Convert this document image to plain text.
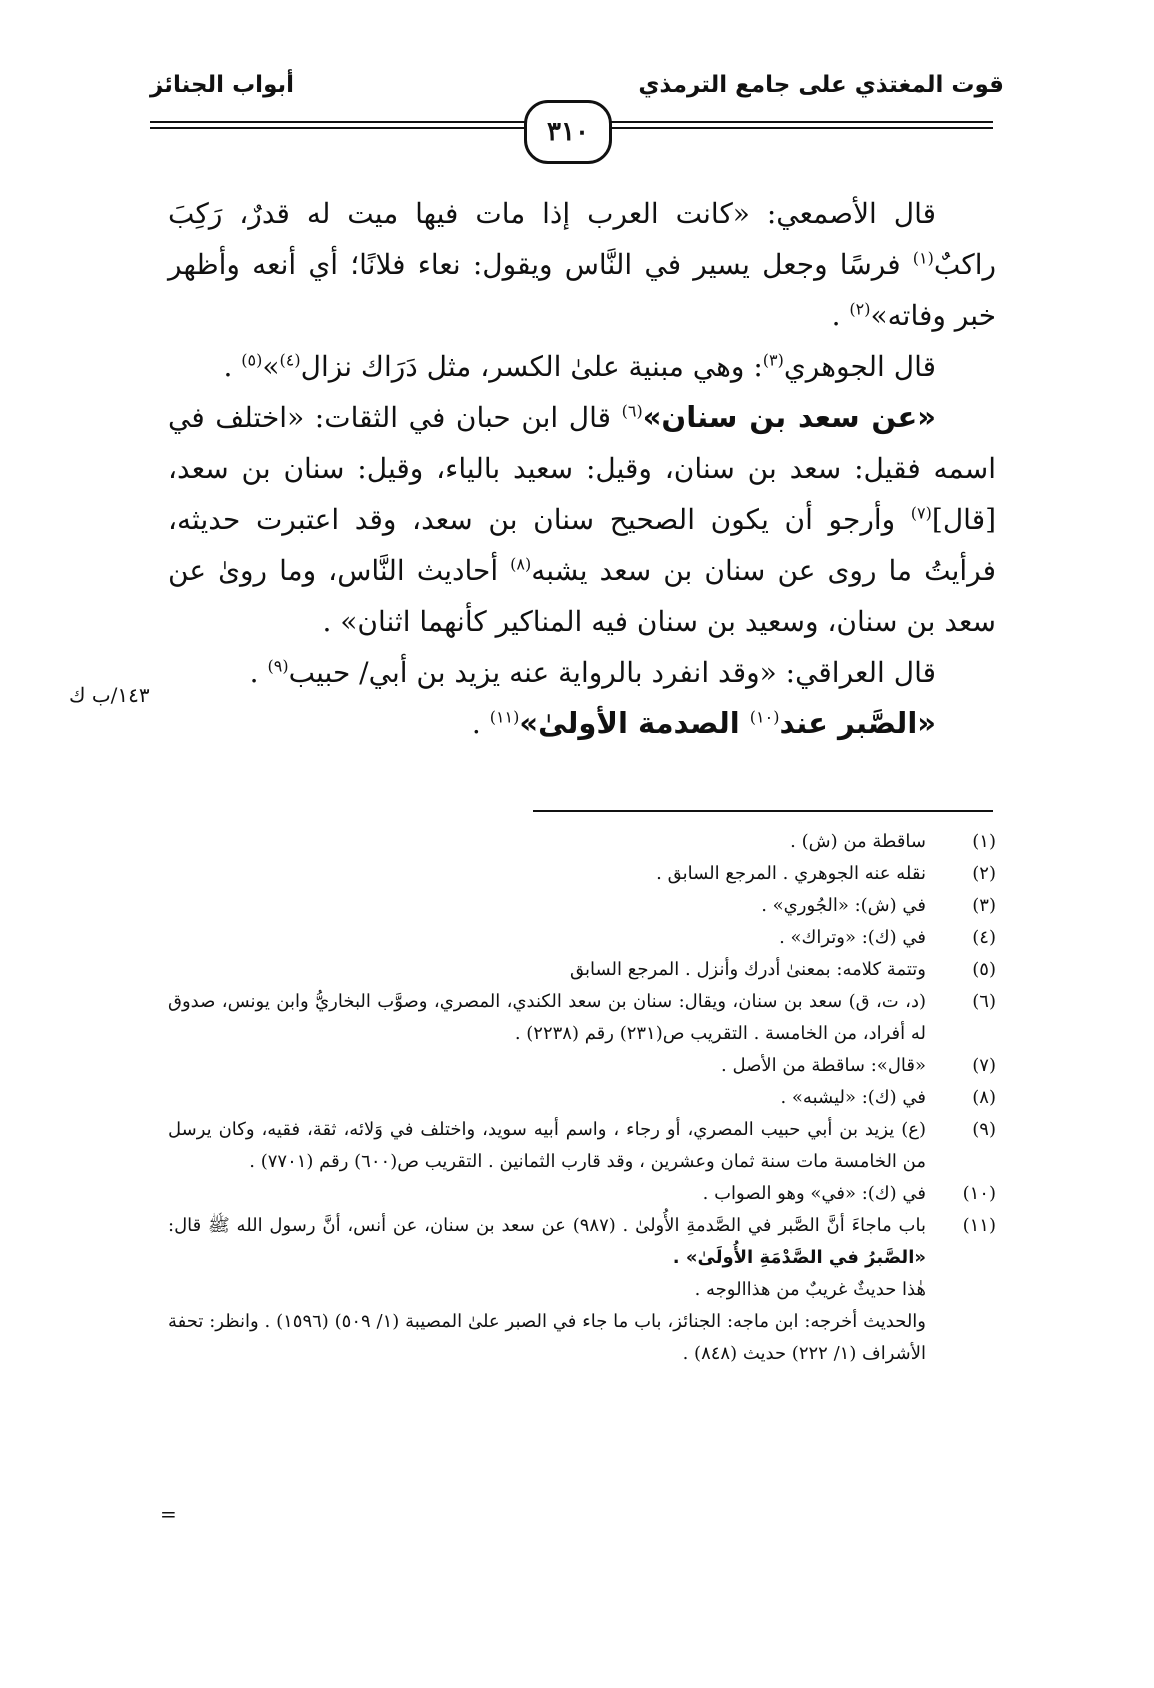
قوت المغتذي على جامع الترمذي
أبواب الجنائز
٣١٠

قال الأصمعي: «كانت العرب إذا مات فيها ميت له قدرٌ، رَكِبَ راكبٌ$^{(١)}$ فرسًا وجعل يسير في النَّاس ويقول: نعاء فلانًا؛ أي أنعه وأظهر خبر وفاته»$^{(٢)}$ .

قال الجوهري$^{(٣)}$: وهي مبنية علىٰ الكسر، مثل دَرَاك نزال$^{(٤)}$»$^{(٥)}$ .

«عن سعد بن سنان»$^{(٦)}$ قال ابن حبان في الثقات: «اختلف في اسمه فقيل: سعد بن سنان، وقيل: سعيد بالياء، وقيل: سنان بن سعد، [قال]$^{(٧)}$ وأرجو أن يكون الصحيح سنان بن سعد، وقد اعتبرت حديثه، فرأيتُ ما روى عن سنان بن سعد يشبه$^{(٨)}$ أحاديث النَّاس، وما رویٰ عن سعد بن سنان، وسعيد بن سنان فيه المناكير كأنهما اثنان» .

قال العراقي: «وقد انفرد بالرواية عنه يزيد بن أبي/ حبيب$^{(٩)}$ .

«الصَّبر عند$^{(١٠)}$ الصدمة الأولىٰ»$^{(١١)}$ .

١٤٣/ب ك
(١)
ساقطة من (ش) .
(٢)
نقله عنه الجوهري . المرجع السابق .
(٣)
في (ش): «الجُوري» .
(٤)
في (ك): «وتراك» .
(٥)
وتتمة كلامه: بمعنىٰ أدرك وأنزل . المرجع السابق
(٦)
(د، ت، ق) سعد بن سنان، ويقال: سنان بن سعد الكندي، المصري، وصوَّب البخاريُّ وابن يونس، صدوق له أفراد، من الخامسة . التقريب ص(٢٣١) رقم (٢٢٣٨) .
(٧)
«قال»: ساقطة من الأصل .
(٨)
في (ك): «ليشبه» .
(٩)
(ع) يزيد بن أبي حبيب المصري، أو رجاء ، واسم أبيه سويد، واختلف في وَلائه، ثقة، فقيه، وكان يرسل من الخامسة مات سنة ثمان وعشرين ، وقد قارب الثمانين . التقريب ص(٦٠٠) رقم (٧٧٠١) .
(١٠)
في (ك): «في» وهو الصواب .
(١١)
باب ماجاءَ أنَّ الصَّبر في الصَّدمةِ الأُولىٰ . (٩٨٧) عن سعد بن سنان، عن أنس، أنَّ رسول الله ﷺ قال: «الصَّبرُ في الصَّدْمَةِ الأُولَىٰ» .
هٰذا حديثٌ غريبٌ من هذاالوجه .
والحديث أخرجه: ابن ماجه: الجنائز، باب ما جاء في الصبر علىٰ المصيبة (١/ ٥٠٩) (١٥٩٦) . وانظر: تحفة الأشراف (١/ ٢٢٢) حديث (٨٤٨) .
=
